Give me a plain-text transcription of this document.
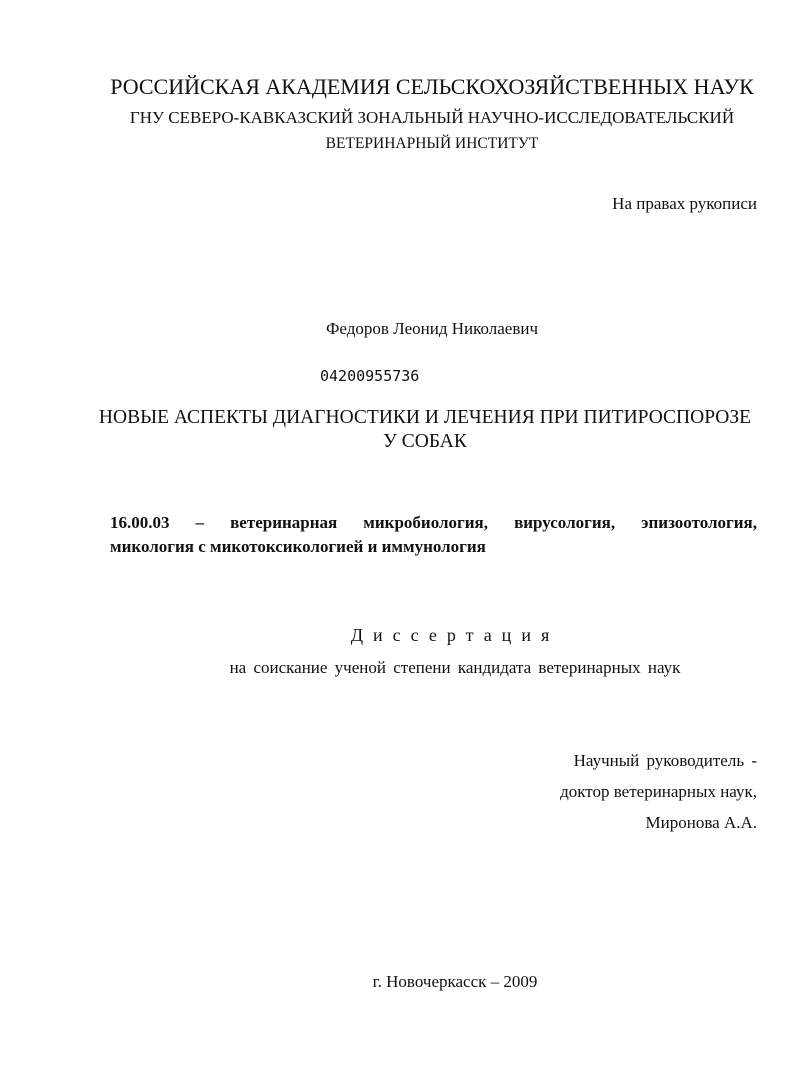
РОССИЙСКАЯ АКАДЕМИЯ СЕЛЬСКОХОЗЯЙСТВЕННЫХ НАУК
ГНУ СЕВЕРО-КАВКАЗСКИЙ ЗОНАЛЬНЫЙ НАУЧНО-ИССЛЕДОВАТЕЛЬСКИЙ
ВЕТЕРИНАРНЫЙ ИНСТИТУТ
На правах рукописи
Федоров Леонид Николаевич
04200955736
НОВЫЕ АСПЕКТЫ ДИАГНОСТИКИ И ЛЕЧЕНИЯ ПРИ ПИТИРОСПОРОЗЕ
У СОБАК
16.00.03 – ветеринарная микробиология, вирусология, эпизоотология,
микология с микотоксикологией и иммунология
Диссертация
на соискание ученой степени кандидата ветеринарных наук
Научный руководитель -
доктор ветеринарных наук,
Миронова А.А.
г. Новочеркасск – 2009
